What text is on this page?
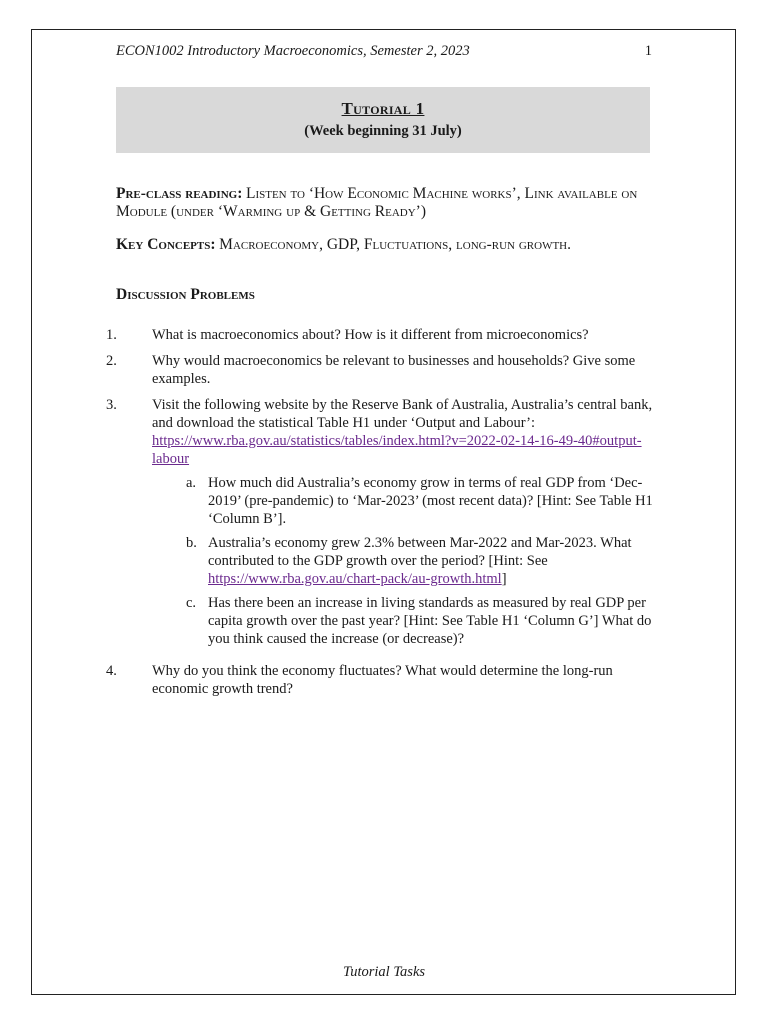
ECON1002 Introductory Macroeconomics, Semester 2, 2023	1
Tutorial 1
(Week beginning 31 July)
Pre-class reading: Listen to ‘How Economic Machine works’, Link available on Module (under ‘Warming up & Getting Ready’)
Key Concepts: Macroeconomy, GDP, Fluctuations, long-run growth.
Discussion Problems
1.	What is macroeconomics about? How is it different from microeconomics?
2.	Why would macroeconomics be relevant to businesses and households? Give some examples.
3.	Visit the following website by the Reserve Bank of Australia, Australia’s central bank, and download the statistical Table H1 under ‘Output and Labour’: https://www.rba.gov.au/statistics/tables/index.html?v=2022-02-14-16-49-40#output-labour
a. How much did Australia’s economy grow in terms of real GDP from ‘Dec-2019’ (pre-pandemic) to ‘Mar-2023’ (most recent data)? [Hint: See Table H1 ‘Column B’].
b. Australia’s economy grew 2.3% between Mar-2022 and Mar-2023. What contributed to the GDP growth over the period? [Hint: See
https://www.rba.gov.au/chart-pack/au-growth.html]
c. Has there been an increase in living standards as measured by real GDP per capita growth over the past year? [Hint: See Table H1 ‘Column G’] What do you think caused the increase (or decrease)?
4.	Why do you think the economy fluctuates? What would determine the long-run economic growth trend?
Tutorial Tasks
